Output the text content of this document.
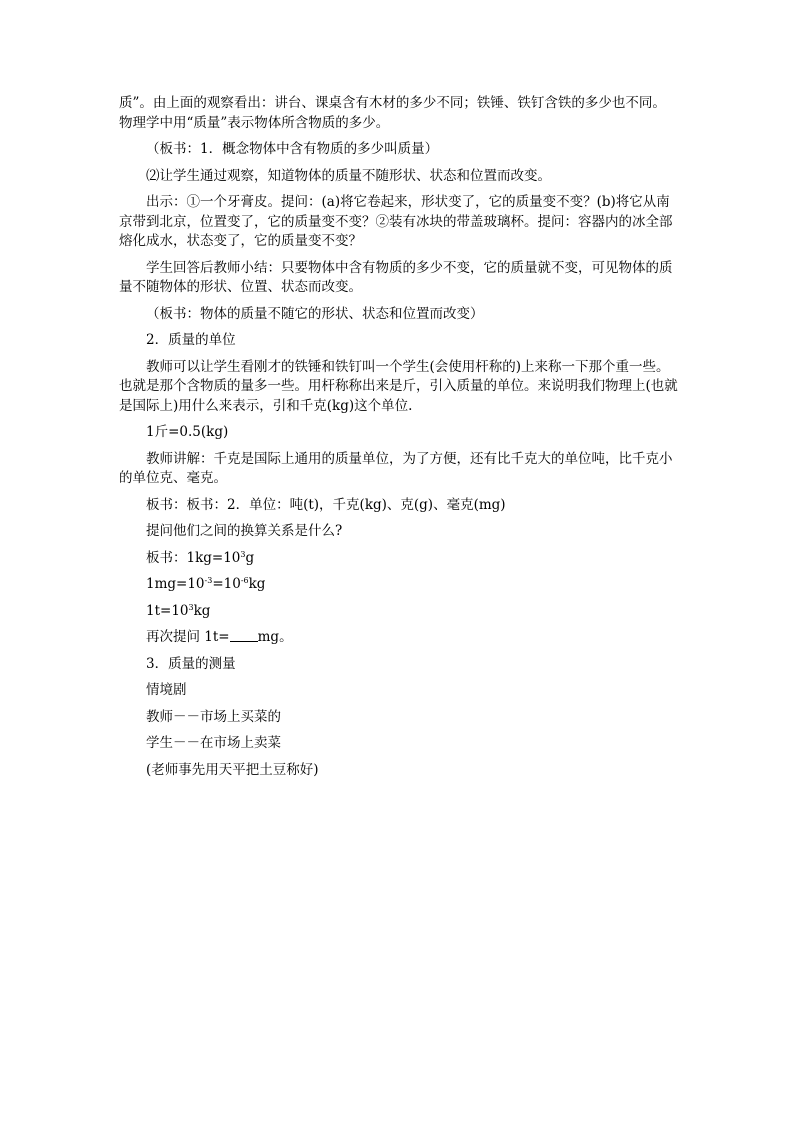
质”。由上面的观察看出：讲台、课桌含有木材的多少不同；铁锤、铁钉含铁的多少也不同。物理学中用“质量”表示物体所含物质的多少。

（板书：1．概念物体中含有物质的多少叫质量）

⑵让学生通过观察，知道物体的质量不随形状、状态和位置而改变。

出示：①一个牙膏皮。提问：(a)将它卷起来，形状变了，它的质量变不变？(b)将它从南京带到北京，位置变了，它的质量变不变？②装有冰块的带盖玻璃杯。提问：容器内的冰全部熔化成水，状态变了，它的质量变不变？

学生回答后教师小结：只要物体中含有物质的多少不变，它的质量就不变，可见物体的质量不随物体的形状、位置、状态而改变。

（板书：物体的质量不随它的形状、状态和位置而改变）

2．质量的单位

教师可以让学生看刚才的铁锤和铁钉叫一个学生(会使用杆称的)上来称一下那个重一些。也就是那个含物质的量多一些。用杆称称出来是斤，引入质量的单位。来说明我们物理上(也就是国际上)用什么来表示，引和千克(kg)这个单位.

1斤=0.5(kg)

教师讲解：千克是国际上通用的质量单位，为了方便，还有比千克大的单位吨，比千克小的单位克、毫克。

板书：板书：2．单位：吨(t)，千克(kg)、克(g)、毫克(mg)

提问他们之间的换算关系是什么?

板书：$1kg=10^3g$

$1mg=10^{-3}=10^{-6}kg$

$1t=10^3kg$

再次提问 1t= mg。

3．质量的测量

情境剧

教师－－市场上买菜的

学生－－在市场上卖菜

(老师事先用天平把土豆称好)
